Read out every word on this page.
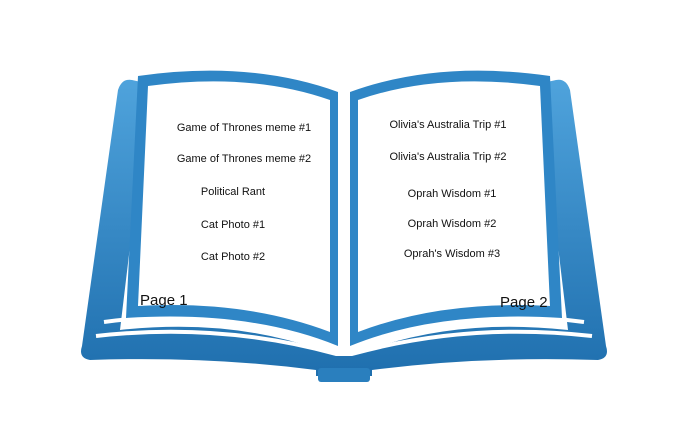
Game of Thrones meme #1
Game of Thrones meme #2
Political Rant
Cat Photo #1
Cat Photo #2
Olivia's Australia Trip #1
Olivia's Australia Trip #2
Oprah Wisdom #1
Oprah Wisdom #2
Oprah's Wisdom #3
Page 1	Page 2
